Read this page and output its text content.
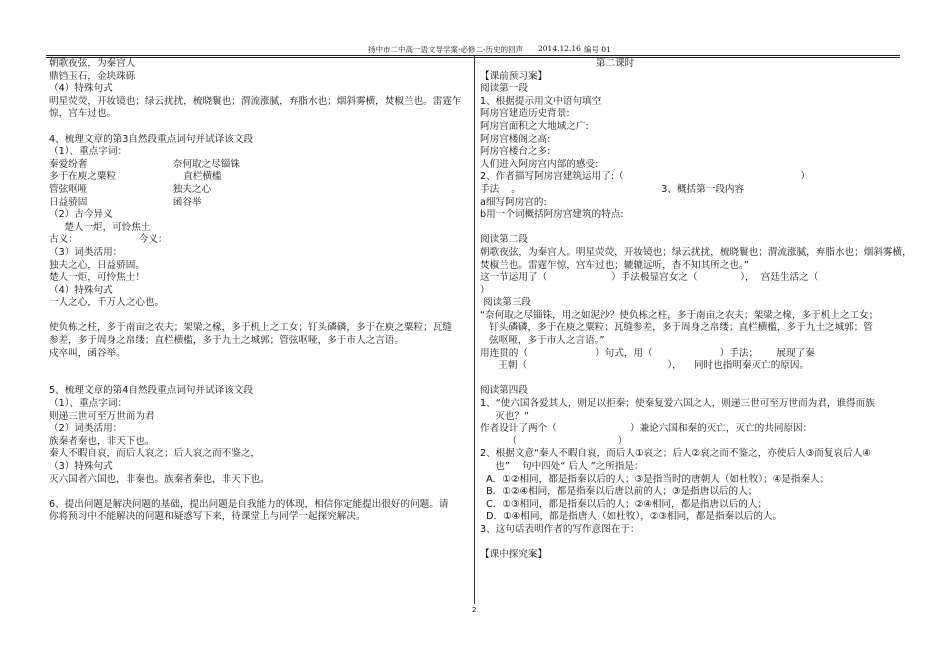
扬中市二中高一语文导学案-必修二-历史的回声 2014.12.16 编号 01
朝歌夜弦，为秦宫人
鼎铛玉石，金块珠砾
（4）特殊句式
明星荧荧，开妆镜也；绿云扰扰，梳晓鬟也；渭流涨腻，弃脂水也；烟斜雾横，焚椒兰也。雷霆乍
惊，宫车过也。
4、梳理文章的第3自然段重点词句并试译该文段
（1）、重点字词：
秦爱纷奢                            奈何取之尽锱铢
多于在庾之粟粒                      直栏横槛
管弦呕哑                            独夫之心
日益骄固                            函谷举
（2）古今异义
楚人一炬，可怜焦土
古义：                    今义：
（3）词类活用：
独夫之心，日益骄固。
楚人一炬，可怜焦土！
（4）特殊句式
一人之心，千万人之心也。
使负栋之柱，多于南亩之农夫；架梁之椽，多于机上之工女；钉头磷磷，多于在庾之粟粒；瓦缝
参差，多于周身之帛缕；直栏横槛，多于九土之城郭；管弦呕哑，多于市人之言语。
戍卒叫，函谷举。
5、梳理文章的第4自然段重点词句并试译该文段
（1）、重点字词：
则递三世可至万世而为君
（2）词类活用：
族秦者秦也，非天下也。
秦人不暇自哀，而后人哀之；后人哀之而不鉴之，
（3）特殊句式
灭六国者六国也，非秦也。族秦者秦也，非天下也。
6、提出问题是解决问题的基础，提出问题是自我能力的体现，相信你定能提出很好的问题。请
你将预习中不能解决的问题和疑惑写下来，待课堂上与同学一起探究解决。
第二课时
【课前预习案】
阅读第一段
1、根据提示用文中语句填空
阿房宫建造历史背景:
阿房宫面积之大地域之广:
阿房宫楼阁之高:
阿房宫楼台之多:
人们进入阿房宫内部的感受:
2、作者描写阿房宫建筑运用了:（                                                          ）
手法    。                                              3、概括第一段内容
a细写阿房宫的:
b用一个词概括阿房宫建筑的特点:
阅读第二段
朝歌夜弦，为秦宫人。明星荧荧，开妆镜也；绿云扰扰，梳晓鬟也；渭流涨腻，弃脂水也；烟斜雾横，
焚椒兰也。雷霆乍惊，宫车过也；辘辘远听，杳不知其所之也。”
这一节运用了（                     ）手法极显宫女之（              ），  宫廷生活之（
）
阅读第三段
“奈何取之尽锱铢，用之如泥沙？使负栋之柱，多于南亩之农夫；架梁之椽，多于机上之工女；
钉头磷磷，多于在庾之粟粒；瓦缝参差，多于周身之帛缕；直栏横槛，多于九土之城郭；管
弦呕哑，多于市人之言语。”
用连贯的（                      ）句式，用（                      ）手法；      展现了秦
王朝（                                              ），    同时也指明秦灭亡的原因。
阅读第四段
1、“使六国各爱其人，则足以拒秦；使秦复爱六国之人，则递三世可至万世而为君，谁得而族
灭也？”
作者设计了两个（                        ）兼论六国和秦的灭亡，灭亡的共同原因：
（                                 ）
2、根据文意“秦人不暇自哀，而后人①哀之；后人②哀之而不鉴之，亦使后人③而复哀后人④
也”    句中四处“ 后人 ”之所指是：
A．①②相同，都是指秦以后的人；③是指当时的唐朝人（如杜牧）；④是指秦人；
B．①②④相同，都是指秦以后唐以前的人；③是指唐以后的人；
C．①③相同，都是指秦以后的人；②④相同，都是指唐以后的人；
D．①④相同，都是指唐人（如杜牧），②③相同，都是指秦以后的人。
3、这句话表明作者的写作意图在于：
【课中探究案】
2
